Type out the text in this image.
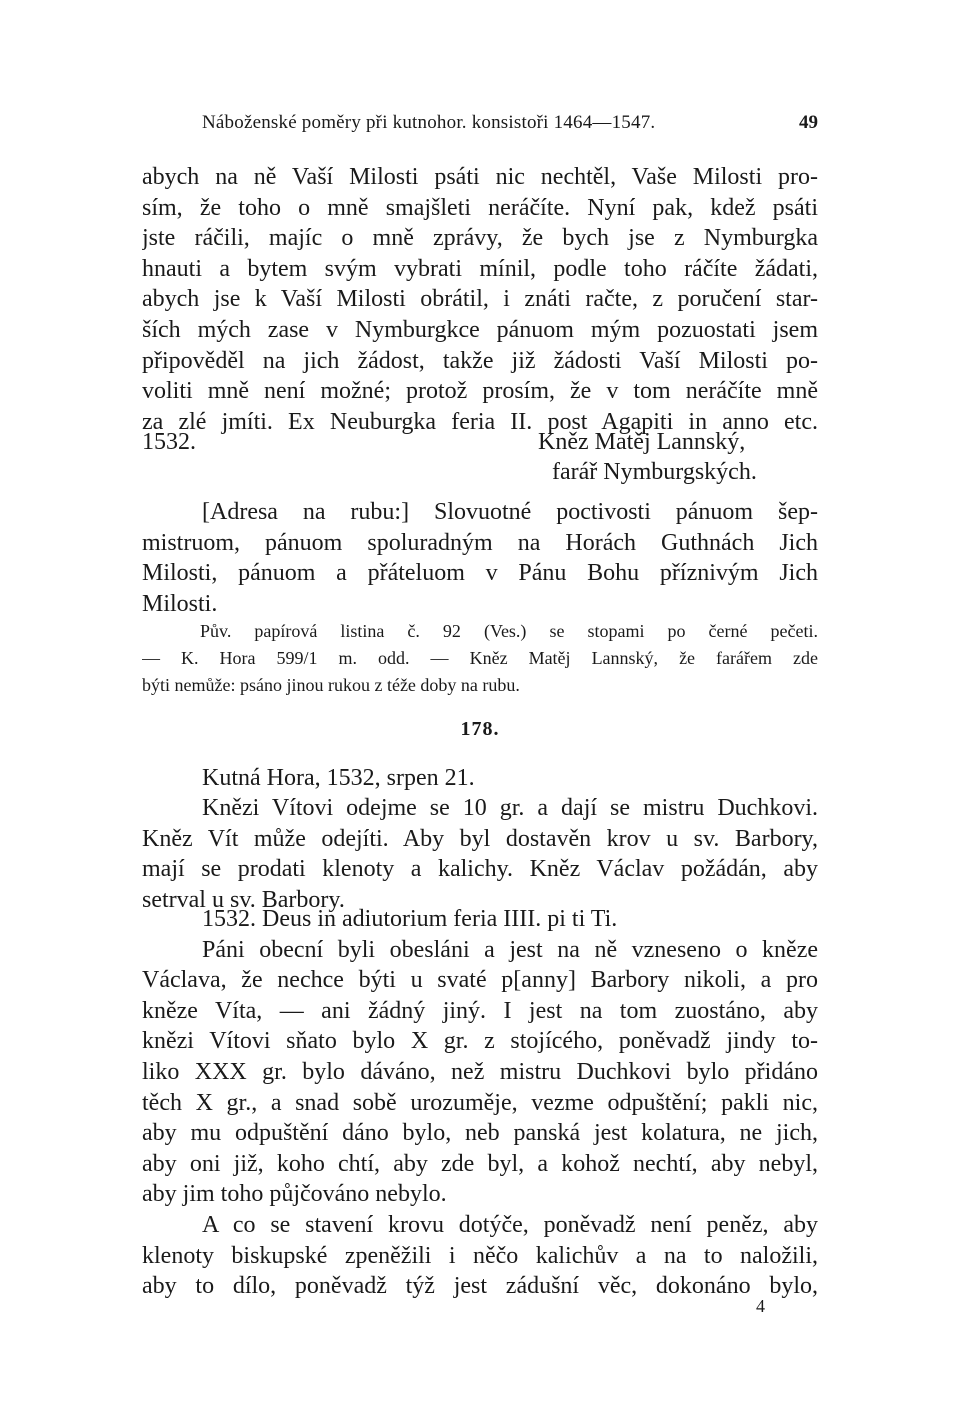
Náboženské poměry při kutnohor. konsistoři 1464—1547.	49
abych na ně Vaší Milosti psáti nic nechtěl, Vaše Milosti pro-
sím, že toho o mně smajšleti neráčíte. Nyní pak, kdež psáti
jste ráčili, majíc o mně zprávy, že bych jse z Nymburgka
hnauti a bytem svým vybrati mínil, podle toho ráčíte žádati,
abych jse k Vaší Milosti obrátil, i znáti račte, z poručení star-
ších mých zase v Nymburgkce pánuom mým pozuostati jsem
připověděl na jich žádost, takže již žádosti Vaší Milosti po-
voliti mně není možné; protož prosím, že v tom neráčíte mně
za zlé jmíti. Ex Neuburgka feria II. post Agapiti in anno etc.
1532.	Kněz Matěj Lannský,
farář Nymburgských.
[Adresa na rubu:] Slovuotné poctivosti pánuom šep-
mistruom, pánuom spoluradným na Horách Guthnách Jich
Milosti, pánuom a přáteluom v Pánu Bohu příznivým Jich
Milosti.
Pův. papírová listina č. 92 (Ves.) se stopami po černé pečeti.
— K. Hora 599/1 m. odd. — Kněz Matěj Lannský, že farářem zde
býti nemůže: psáno jinou rukou z téže doby na rubu.
178.
Kutná Hora, 1532, srpen 21.
Knězi Vítovi odejme se 10 gr. a dají se mistru Duchkovi.
Kněz Vít může odejíti. Aby byl dostavěn krov u sv. Barbory,
mají se prodati klenoty a kalichy. Kněz Václav požádán, aby
setrval u sv. Barbory.
1532. Deus in adiutorium feria IIII. pi ti Ti.
Páni obecní byli obesláni a jest na ně vzneseno o kněze
Václava, že nechce býti u svaté p[anny] Barbory nikoli, a pro
kněze Víta, — ani žádný jiný. I jest na tom zuostáno, aby
knězi Vítovi sňato bylo X gr. z stojícého, poněvadž jindy to-
liko XXX gr. bylo dáváno, než mistru Duchkovi bylo přidáno
těch X gr., a snad sobě urozuměje, vezme odpuštění; pakli nic,
aby mu odpuštění dáno bylo, neb panská jest kolatura, ne jich,
aby oni již, koho chtí, aby zde byl, a kohož nechtí, aby nebyl,
aby jim toho půjčováno nebylo.
A co se stavení krovu dotýče, poněvadž není peněz, aby
klenoty biskupské zpeněžili i něčo kalichův a na to naložili,
aby to dílo, poněvadž týž jest zádušní věc, dokonáno bylo,
4
